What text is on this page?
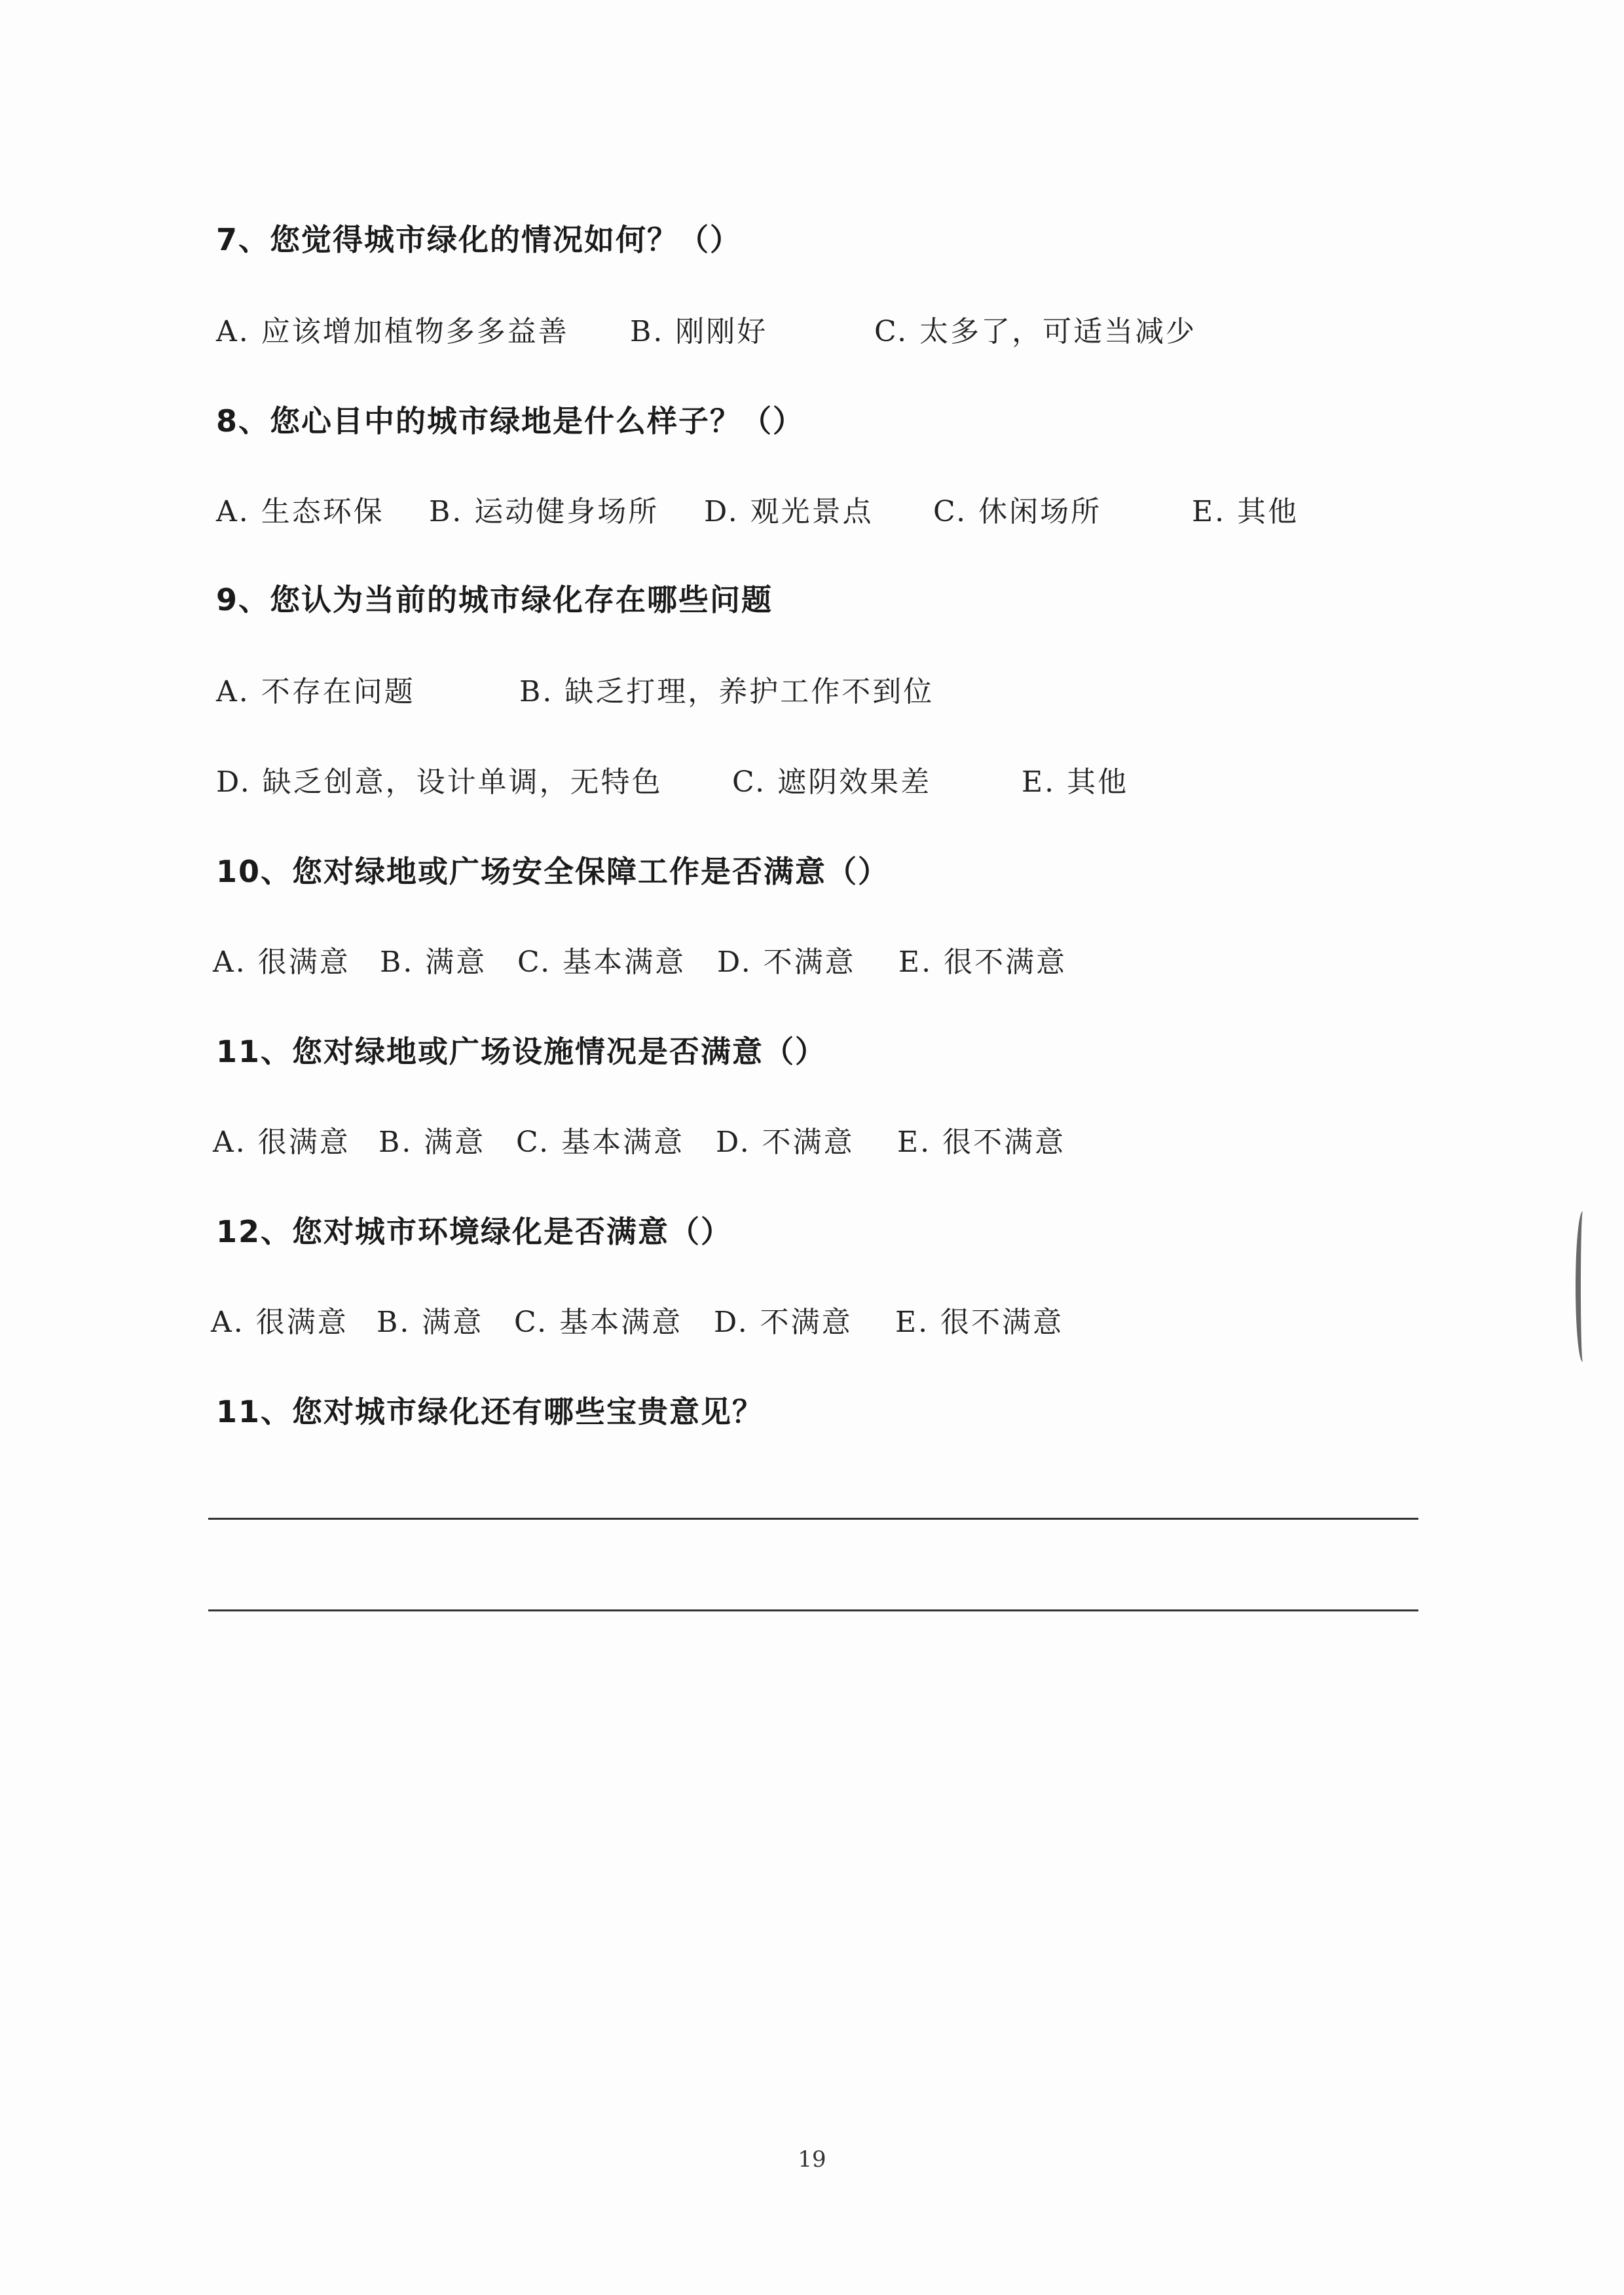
7、您觉得城市绿化的情况如何？（）
A. 应该增加植物多多益善 B. 刚刚好	C. 太多了，可适当减少
8、您心目中的城市绿地是什么样子？（）
A. 生态环保 B. 运动健身场所 D. 观光景点 C. 休闲场所	E. 其他
9、您认为当前的城市绿化存在哪些问题
A. 不存在问题	B. 缺乏打理，养护工作不到位
D. 缺乏创意，设计单调，无特色 C. 遮阴效果差	E. 其他
10、您对绿地或广场安全保障工作是否满意（）
A. 很满意 B. 满意 C. 基本满意 D. 不满意 E. 很不满意
11、您对绿地或广场设施情况是否满意（）
A. 很满意 B. 满意 C. 基本满意 D. 不满意 E. 很不满意
12、您对城市环境绿化是否满意（）
A. 很满意 B. 满意 C. 基本满意 D. 不满意 E. 很不满意
11、您对城市绿化还有哪些宝贵意见？
19
